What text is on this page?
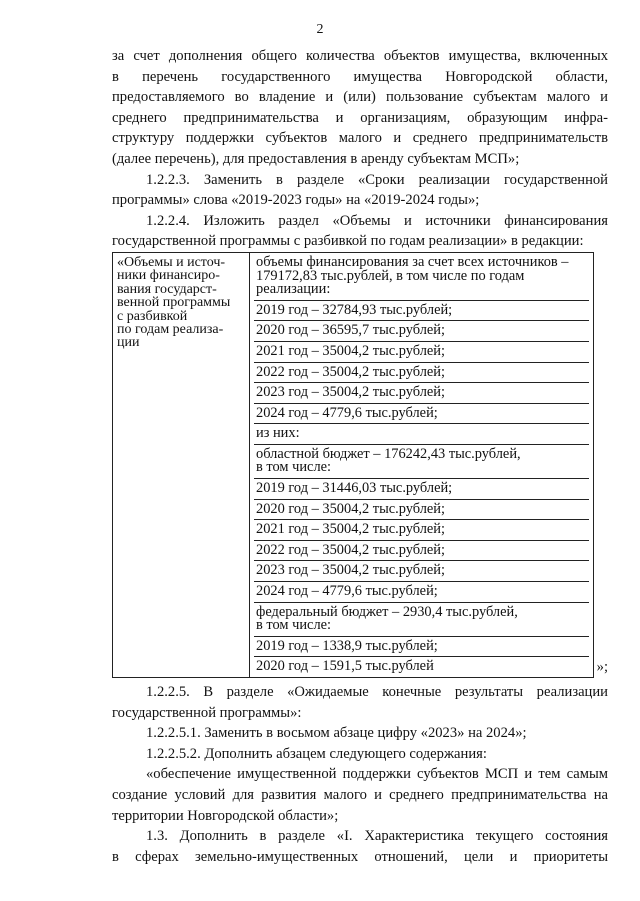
2

за счет дополнения общего количества объектов имущества, включенных

в перечень государственного имущества Новгородской области,

предоставляемого во владение и (или) пользование субъектам малого и

среднего предпринимательства и организациям, образующим инфра-

структуру поддержки субъектов малого и среднего предпринимательств

(далее перечень), для предоставления в аренду субъектам МСП»;

1.2.2.3. Заменить в разделе «Сроки реализации государственной

программы» слова «2019-2023 годы» на «2019-2024 годы»;

1.2.2.4. Изложить раздел «Объемы и источники финансирования

государственной программы с разбивкой по годам реализации» в редакции:

«Объемы и источ-
ники финансиро-
вания государст-
венной программы
с разбивкой
по годам реализа-
ции

объемы финансирования за счет всех источников –
179172,83 тыс.рублей, в том числе по годам
реализации:
2019 год – 32784,93 тыс.рублей;
2020 год – 36595,7 тыс.рублей;
2021 год – 35004,2 тыс.рублей;
2022 год – 35004,2 тыс.рублей;
2023 год – 35004,2 тыс.рублей;
2024 год – 4779,6 тыс.рублей;
из них:
областной бюджет – 176242,43 тыс.рублей,
в том числе:
2019 год – 31446,03 тыс.рублей;
2020 год – 35004,2 тыс.рублей;
2021 год – 35004,2 тыс.рублей;
2022 год – 35004,2 тыс.рублей;
2023 год – 35004,2 тыс.рублей;
2024 год – 4779,6 тыс.рублей;
федеральный бюджет – 2930,4 тыс.рублей,
в том числе:
2019 год – 1338,9 тыс.рублей;
2020 год – 1591,5 тыс.рублей	»;

1.2.2.5. В разделе «Ожидаемые конечные результаты реализации

государственной программы»:

1.2.2.5.1. Заменить в восьмом абзаце цифру «2023» на 2024»;

1.2.2.5.2. Дополнить абзацем следующего содержания:

«обеспечение имущественной поддержки субъектов МСП и тем самым

создание условий для развития малого и среднего предпринимательства на

территории Новгородской области»;

1.3. Дополнить в разделе «I. Характеристика текущего состояния

в сферах земельно-имущественных отношений, цели и приоритеты
